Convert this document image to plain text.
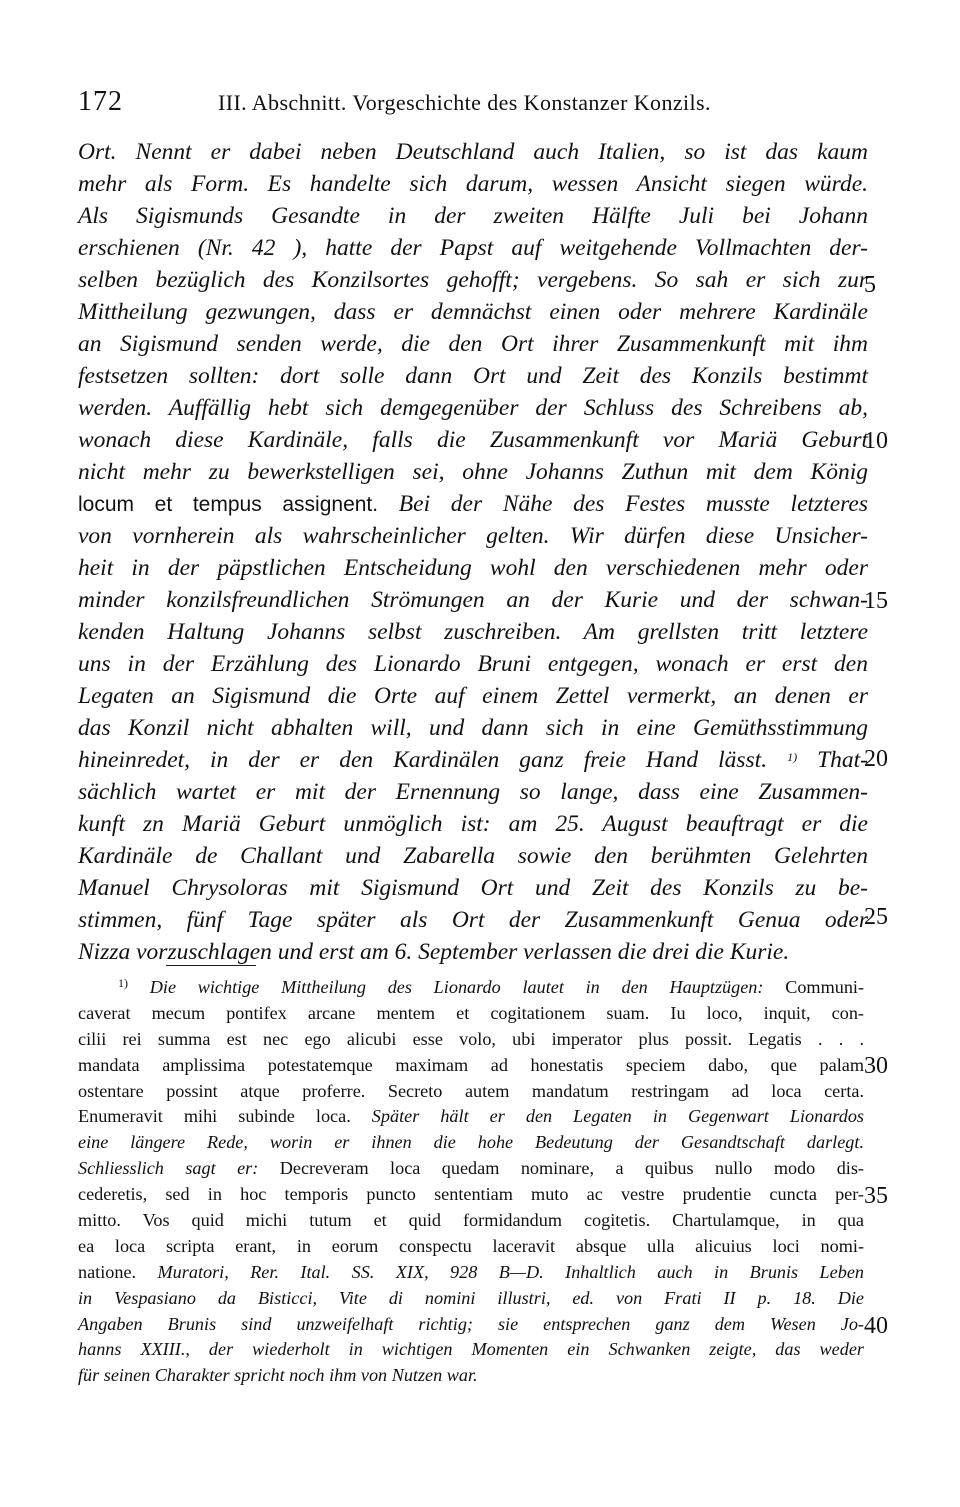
172	III. Abschnitt. Vorgeschichte des Konstanzer Konzils.
Ort. Nennt er dabei neben Deutschland auch Italien, so ist das kaum
mehr als Form. Es handelte sich darum, wessen Ansicht siegen würde.
Als Sigismunds Gesandte in der zweiten Hälfte Juli bei Johann
erschienen (Nr. 42 ), hatte der Papst auf weitgehende Vollmachten der-
selben bezüglich des Konzilsortes gehofft; vergebens. So sah er sich zur
Mittheilung gezwungen, dass er demnächst einen oder mehrere Kardinäle
an Sigismund senden werde, die den Ort ihrer Zusammenkunft mit ihm
festsetzen sollten: dort solle dann Ort und Zeit des Konzils bestimmt
werden. Auffällig hebt sich demgegenüber der Schluss des Schreibens ab,
wonach diese Kardinäle, falls die Zusammenkunft vor Mariä Geburt
nicht mehr zu bewerkstelligen sei, ohne Johanns Zuthun mit dem König
locum et tempus assignent. Bei der Nähe des Festes musste letzteres
von vornherein als wahrscheinlicher gelten. Wir dürfen diese Unsicher-
heit in der päpstlichen Entscheidung wohl den verschiedenen mehr oder
minder konzilsfreundlichen Strömungen an der Kurie und der schwan-
kenden Haltung Johanns selbst zuschreiben. Am grellsten tritt letztere
uns in der Erzählung des Lionardo Bruni entgegen, wonach er erst den
Legaten an Sigismund die Orte auf einem Zettel vermerkt, an denen er
das Konzil nicht abhalten will, und dann sich in eine Gemüthsstimmung
hineinredet, in der er den Kardinälen ganz freie Hand lässt. $^{1)}$ That-
sächlich wartet er mit der Ernennung so lange, dass eine Zusammen-
kunft zn Mariä Geburt unmöglich ist: am 25. August beauftragt er die
Kardinäle de Challant und Zabarella sowie den berühmten Gelehrten
Manuel Chrysoloras mit Sigismund Ort und Zeit des Konzils zu be-
stimmen, fünf Tage später als Ort der Zusammenkunft Genua oder
Nizza vorzuschlagen und erst am 6. September verlassen die drei die Kurie.
5
10
15
20
25
30
35
40
$^{1)}$ Die wichtige Mittheilung des Lionardo lautet in den Hauptzügen: Communi-
caverat mecum pontifex arcane mentem et cogitationem suam. Iu loco, inquit, con-
cilii rei summa est nec ego alicubi esse volo, ubi imperator plus possit. Legatis . . .
mandata amplissima potestatemque maximam ad honestatis speciem dabo, que palam
ostentare possint atque proferre. Secreto autem mandatum restringam ad loca certa.
Enumeravit mihi subinde loca. Später hält er den Legaten in Gegenwart Lionardos
eine längere Rede, worin er ihnen die hohe Bedeutung der Gesandtschaft darlegt.
Schliesslich sagt er: Decreveram loca quedam nominare, a quibus nullo modo dis-
cederetis, sed in hoc temporis puncto sententiam muto ac vestre prudentie cuncta per-
mitto. Vos quid michi tutum et quid formidandum cogitetis. Chartulamque, in qua
ea loca scripta erant, in eorum conspectu laceravit absque ulla alicuius loci nomi-
natione. Muratori, Rer. Ital. SS. XIX, 928 B—D. Inhaltlich auch in Brunis Leben
in Vespasiano da Bisticci, Vite di nomini illustri, ed. von Frati II p. 18. Die
Angaben Brunis sind unzweifelhaft richtig; sie entsprechen ganz dem Wesen Jo-
hanns XXIII., der wiederholt in wichtigen Momenten ein Schwanken zeigte, das weder
für seinen Charakter spricht noch ihm von Nutzen war.
